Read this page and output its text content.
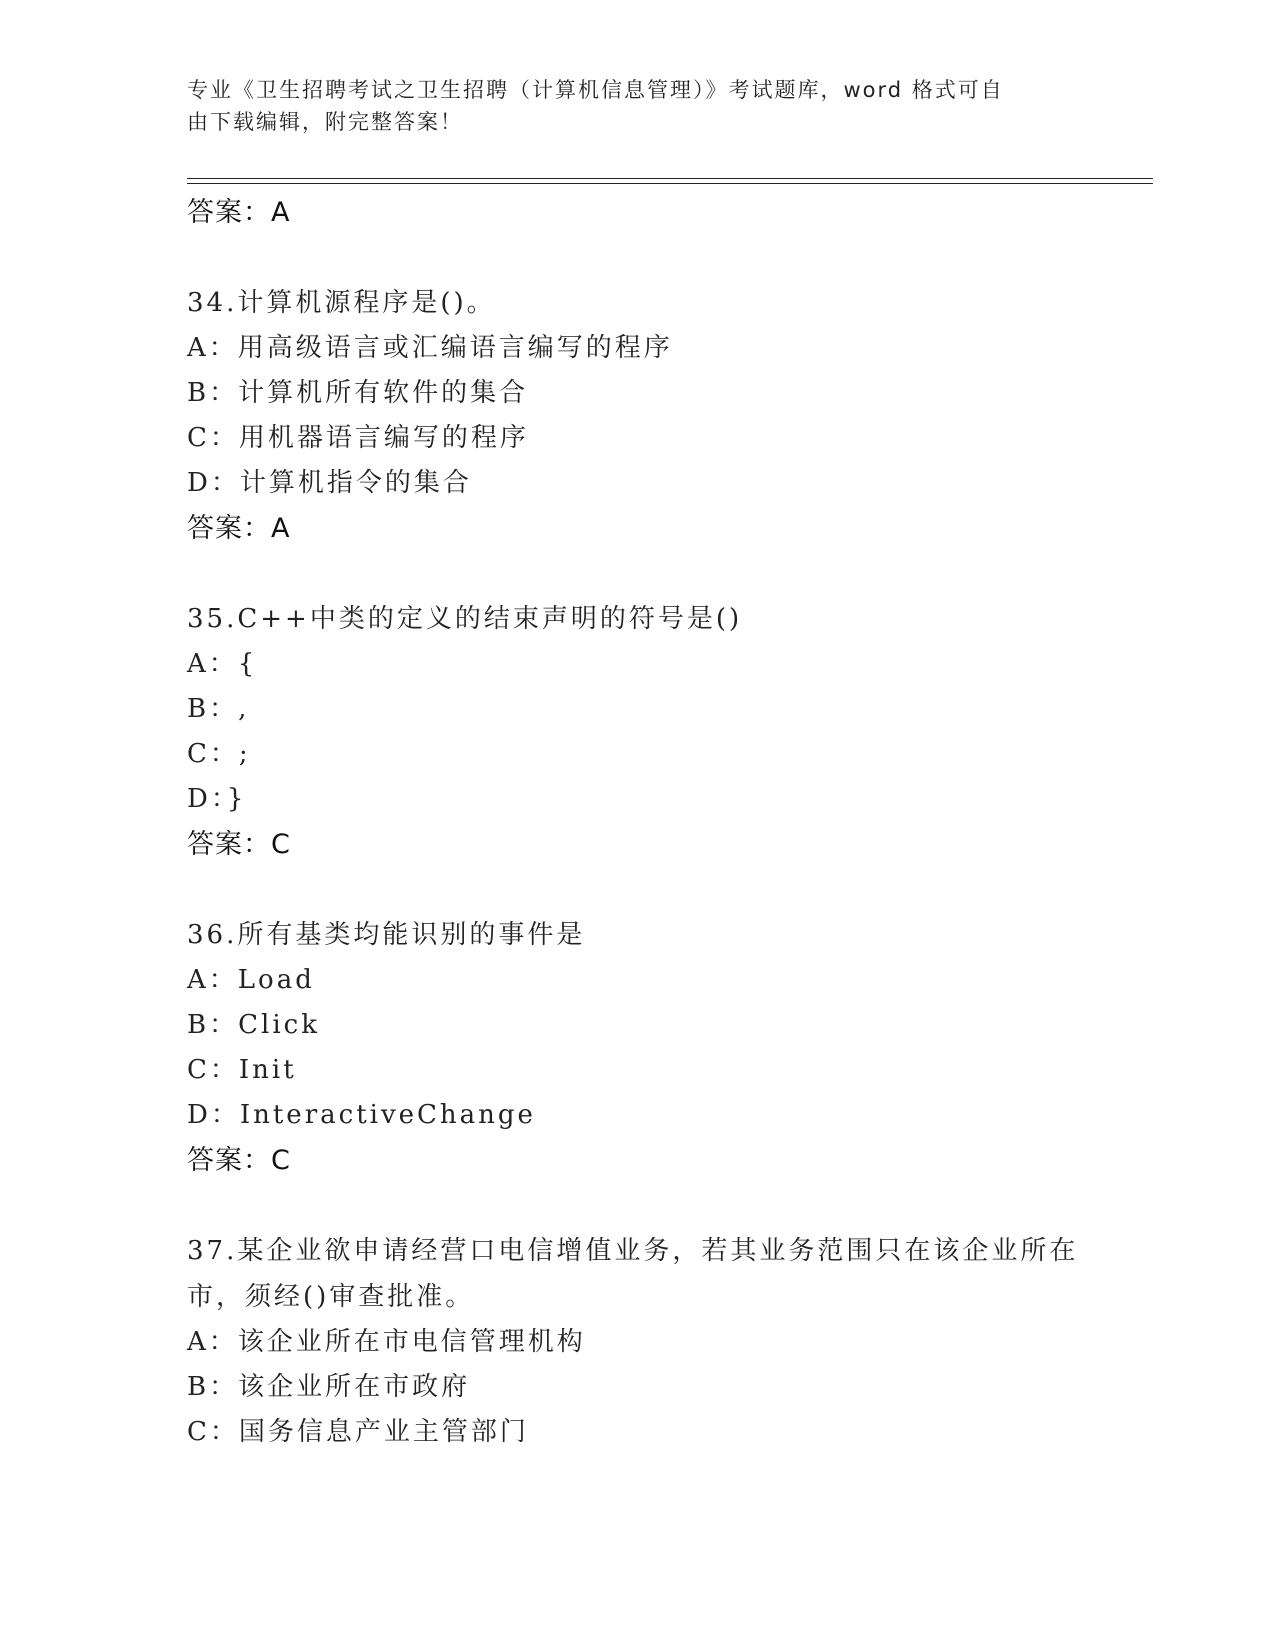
专业《卫生招聘考试之卫生招聘（计算机信息管理）》考试题库，word 格式可自
由下载编辑，附完整答案！
答案：A
34.计算机源程序是()。
A：用高级语言或汇编语言编写的程序
B：计算机所有软件的集合
C：用机器语言编写的程序
D：计算机指令的集合
答案：A
35.C++中类的定义的结束声明的符号是()
A：{
B：,
C：;
D：}
答案：C
36.所有基类均能识别的事件是
A：Load
B：Click
C：Init
D：InteractiveChange
答案：C
37.某企业欲申请经营口电信增值业务，若其业务范围只在该企业所在
市，须经()审查批准。
A：该企业所在市电信管理机构
B：该企业所在市政府
C：国务信息产业主管部门
